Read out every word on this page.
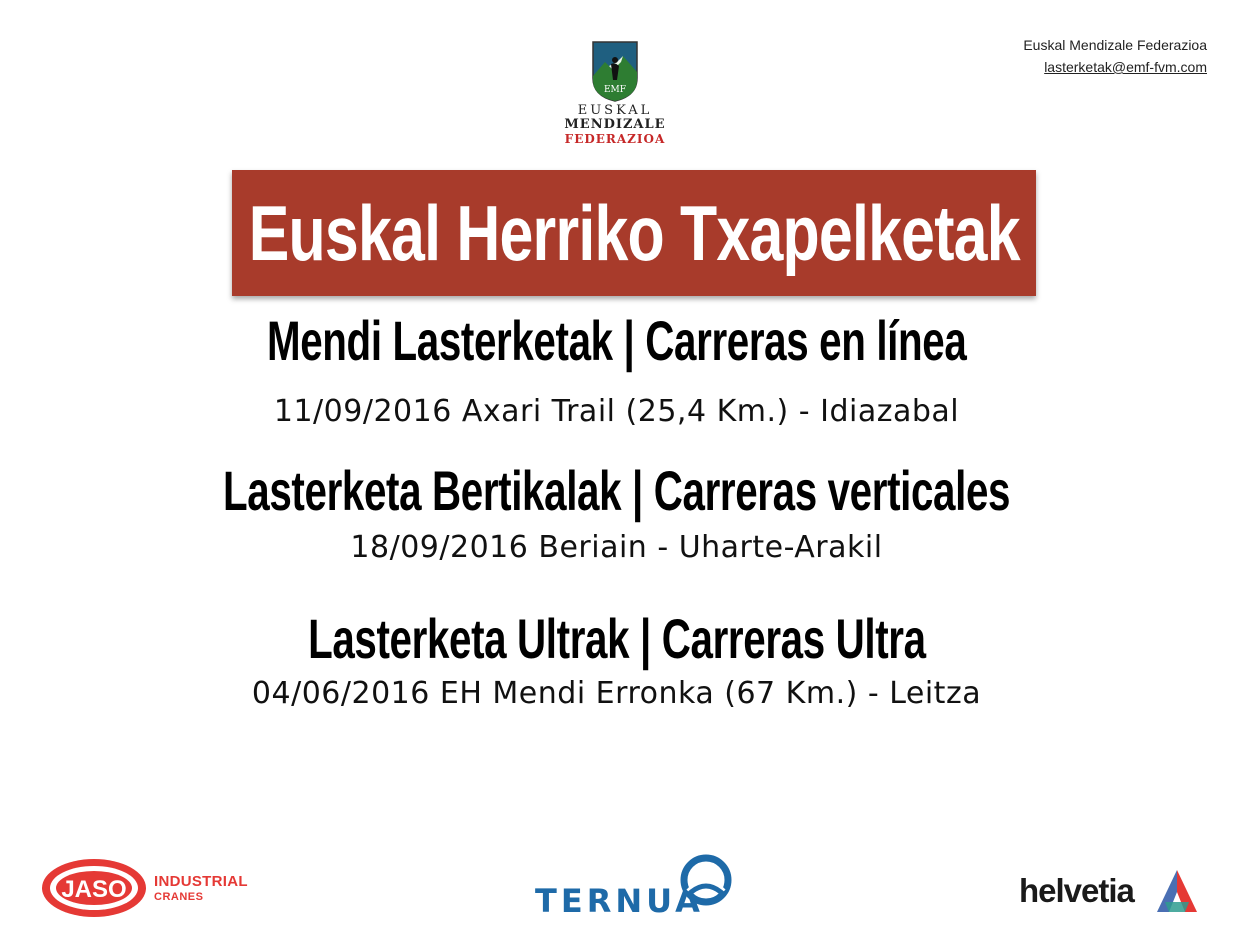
Euskal Mendizale Federazioa
lasterketak@emf-fvm.com
EMF
EUSKAL
MENDIZALE
FEDERAZIOA
Euskal Herriko Txapelketak
Mendi Lasterketak | Carreras en línea
11/09/2016 Axari Trail (25,4 Km.) - Idiazabal
Lasterketa Bertikalak | Carreras verticales
18/09/2016 Beriain - Uharte-Arakil
Lasterketa Ultrak | Carreras Ultra
04/06/2016 EH Mendi Erronka (67 Km.) - Leitza
JASO INDUSTRIAL
CRANES	TERNUA	helvetia
